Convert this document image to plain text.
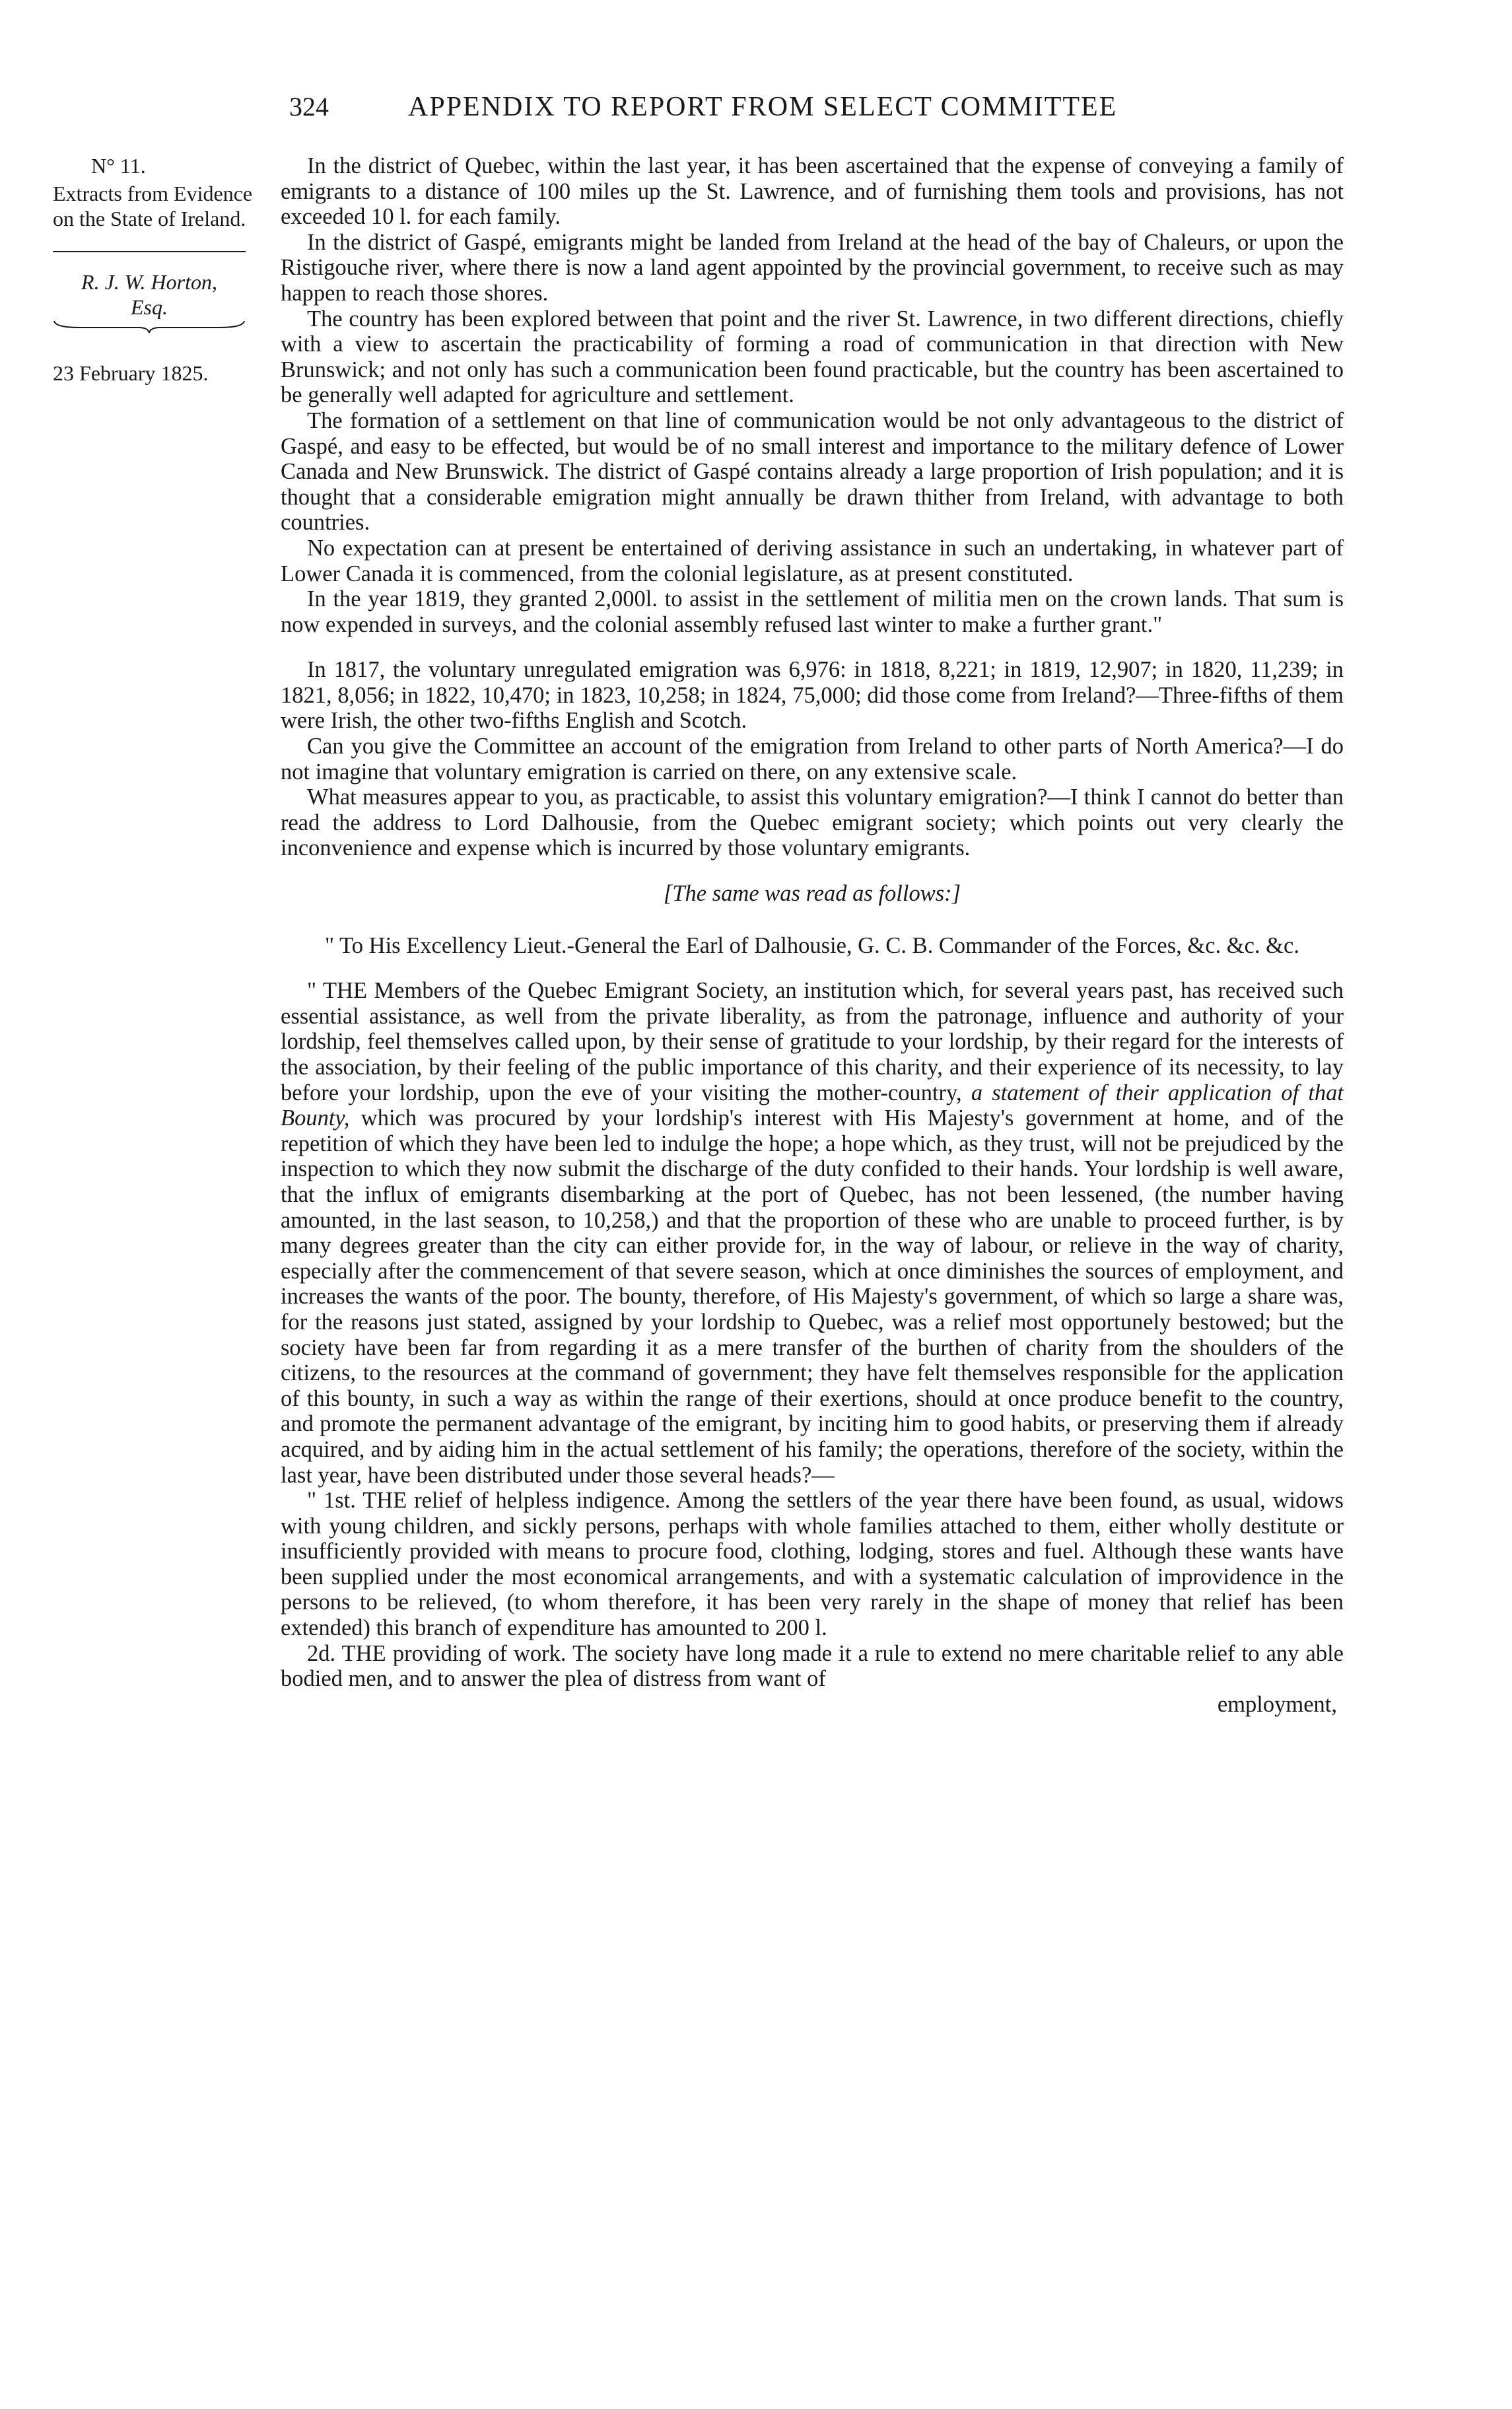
324	APPENDIX TO REPORT FROM SELECT COMMITTEE
N° 11.
Extracts from Evidence on the State of Ireland.
R. J. W. Horton,
Esq.
23 February 1825.

In the district of Quebec, within the last year, it has been ascertained that the expense of conveying a family of emigrants to a distance of 100 miles up the St. Lawrence, and of furnishing them tools and provisions, has not exceeded 10 l. for each family.

In the district of Gaspé, emigrants might be landed from Ireland at the head of the bay of Chaleurs, or upon the Ristigouche river, where there is now a land agent appointed by the provincial government, to receive such as may happen to reach those shores.

The country has been explored between that point and the river St. Lawrence, in two different directions, chiefly with a view to ascertain the practicability of forming a road of communication in that direction with New Brunswick; and not only has such a communication been found practicable, but the country has been ascertained to be generally well adapted for agriculture and settlement.

The formation of a settlement on that line of communication would be not only advantageous to the district of Gaspé, and easy to be effected, but would be of no small interest and importance to the military defence of Lower Canada and New Brunswick. The district of Gaspé contains already a large proportion of Irish population; and it is thought that a considerable emigration might annually be drawn thither from Ireland, with advantage to both countries.

No expectation can at present be entertained of deriving assistance in such an undertaking, in whatever part of Lower Canada it is commenced, from the colonial legislature, as at present constituted.

In the year 1819, they granted 2,000l. to assist in the settlement of militia men on the crown lands. That sum is now expended in surveys, and the colonial assembly refused last winter to make a further grant."

In 1817, the voluntary unregulated emigration was 6,976: in 1818, 8,221; in 1819, 12,907; in 1820, 11,239; in 1821, 8,056; in 1822, 10,470; in 1823, 10,258; in 1824, 75,000; did those come from Ireland?—Three-fifths of them were Irish, the other two-fifths English and Scotch.

Can you give the Committee an account of the emigration from Ireland to other parts of North America?—I do not imagine that voluntary emigration is carried on there, on any extensive scale.

What measures appear to you, as practicable, to assist this voluntary emigration?—I think I cannot do better than read the address to Lord Dalhousie, from the Quebec emigrant society; which points out very clearly the inconvenience and expense which is incurred by those voluntary emigrants.

[The same was read as follows:]

" To His Excellency Lieut.-General the Earl of Dalhousie, G. C. B. Commander of the Forces, &c. &c. &c.

" THE Members of the Quebec Emigrant Society, an institution which, for several years past, has received such essential assistance, as well from the private liberality, as from the patronage, influence and authority of your lordship, feel themselves called upon, by their sense of gratitude to your lordship, by their regard for the interests of the association, by their feeling of the public importance of this charity, and their experience of its necessity, to lay before your lordship, upon the eve of your visiting the mother-country, a statement of their application of that Bounty, which was procured by your lordship's interest with His Majesty's government at home, and of the repetition of which they have been led to indulge the hope; a hope which, as they trust, will not be prejudiced by the inspection to which they now submit the discharge of the duty confided to their hands. Your lordship is well aware, that the influx of emigrants disembarking at the port of Quebec, has not been lessened, (the number having amounted, in the last season, to 10,258,) and that the proportion of these who are unable to proceed further, is by many degrees greater than the city can either provide for, in the way of labour, or relieve in the way of charity, especially after the commencement of that severe season, which at once diminishes the sources of employment, and increases the wants of the poor. The bounty, therefore, of His Majesty's government, of which so large a share was, for the reasons just stated, assigned by your lordship to Quebec, was a relief most opportunely bestowed; but the society have been far from regarding it as a mere transfer of the burthen of charity from the shoulders of the citizens, to the resources at the command of government; they have felt themselves responsible for the application of this bounty, in such a way as within the range of their exertions, should at once produce benefit to the country, and promote the permanent advantage of the emigrant, by inciting him to good habits, or preserving them if already acquired, and by aiding him in the actual settlement of his family; the operations, therefore of the society, within the last year, have been distributed under those several heads?—

" 1st. THE relief of helpless indigence. Among the settlers of the year there have been found, as usual, widows with young children, and sickly persons, perhaps with whole families attached to them, either wholly destitute or insufficiently provided with means to procure food, clothing, lodging, stores and fuel. Although these wants have been supplied under the most economical arrangements, and with a systematic calculation of improvidence in the persons to be relieved, (to whom therefore, it has been very rarely in the shape of money that relief has been extended) this branch of expenditure has amounted to 200 l.

2d. THE providing of work. The society have long made it a rule to extend no mere charitable relief to any able bodied men, and to answer the plea of distress from want of

employment,
